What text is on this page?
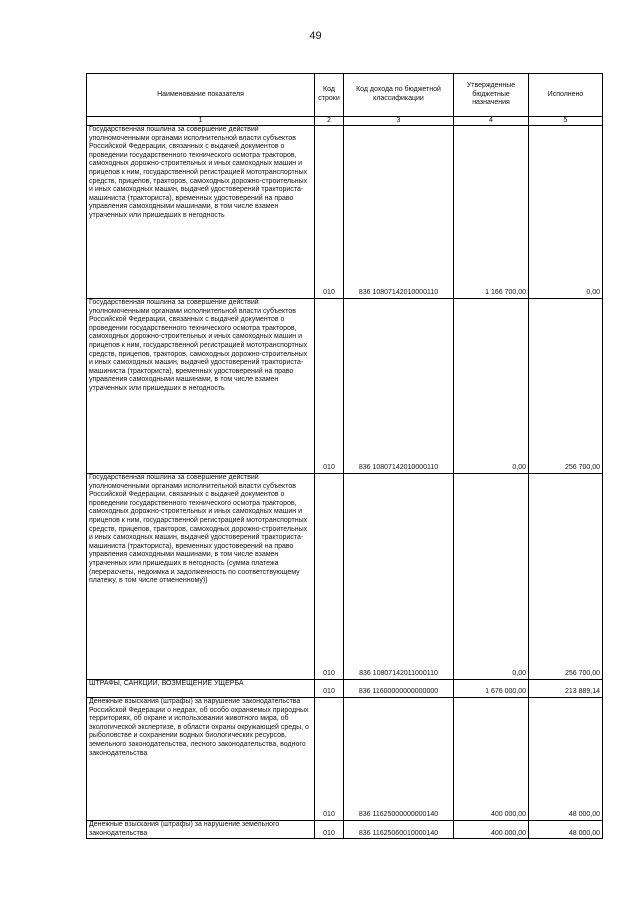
49
Наименование показателя	Код строки	Код дохода по бюджетной классификации	Утвержденные бюджетные назначения	Исполнено
1	2	3	4	5
Государственная пошлина за совершение действий уполномоченными органами исполнительной власти субъектов Российской Федерации, связанных с выдачей документов о проведении государственного технического осмотра тракторов, самоходных дорожно-строительных и иных самоходных машин и прицепов к ним, государственной регистрацией мототранспортных средств, прицепов, тракторов, самоходных дорожно-строительных и иных самоходных машин, выдачей удостоверений тракториста-машиниста (тракториста), временных удостоверений на право управления самоходными машинами, в том числе взамен утраченных или пришедших в негодность	010	836 10807142010000110	1 166 700,00	0,00
Государственная пошлина за совершение действий уполномоченными органами исполнительной власти субъектов Российской Федерации, связанных с выдачей документов о проведении государственного технического осмотра тракторов, самоходных дорожно-строительных и иных самоходных машин и прицепов к ним, государственной регистрацией мототранспортных средств, прицепов, тракторов, самоходных дорожно-строительных и иных самоходных машин, выдачей удостоверений тракториста-машиниста (тракториста), временных удостоверений на право управления самоходными машинами, в том числе взамен утраченных или пришедших в негодность	010	836 10807142010000110	0,00	256 700,00
Государственная пошлина за совершение действий уполномоченными органами исполнительной власти субъектов Российской Федерации, связанных с выдачей документов о проведении государственного технического осмотра тракторов, самоходных дорожно-строительных и иных самоходных машин и прицепов к ним, государственной регистрацией мототранспортных средств, прицепов, тракторов, самоходных дорожно-строительных и иных самоходных машин, выдачей удостоверений тракториста-машиниста (тракториста), временных удостоверений на право управления самоходными машинами, в том числе взамен утраченных или пришедших в негодность (сумма платежа (перерасчеты, недоимка и задолженность по соответствующему платежу, в том числе отмененному))	010	836 10807142011000110	0,00	256 700,00
ШТРАФЫ, САНКЦИИ, ВОЗМЕЩЕНИЕ УЩЕРБА	010	836 11600000000000000	1 676 000,00	213 889,14
Денежные взыскания (штрафы) за нарушение законодательства Российской Федерации о недрах, об особо охраняемых природных территориях, об охране и использовании животного мира, об экологической экспертизе, в области охраны окружающей среды, о рыболовстве и сохранении водных биологических ресурсов, земельного законодательства, лесного законодательства, водного законодательства	010	836 11625000000000140	400 000,00	48 000,00
Денежные взыскания (штрафы) за нарушение земельного законодательства	010	836 11625060010000140	400 000,00	48 000,00
